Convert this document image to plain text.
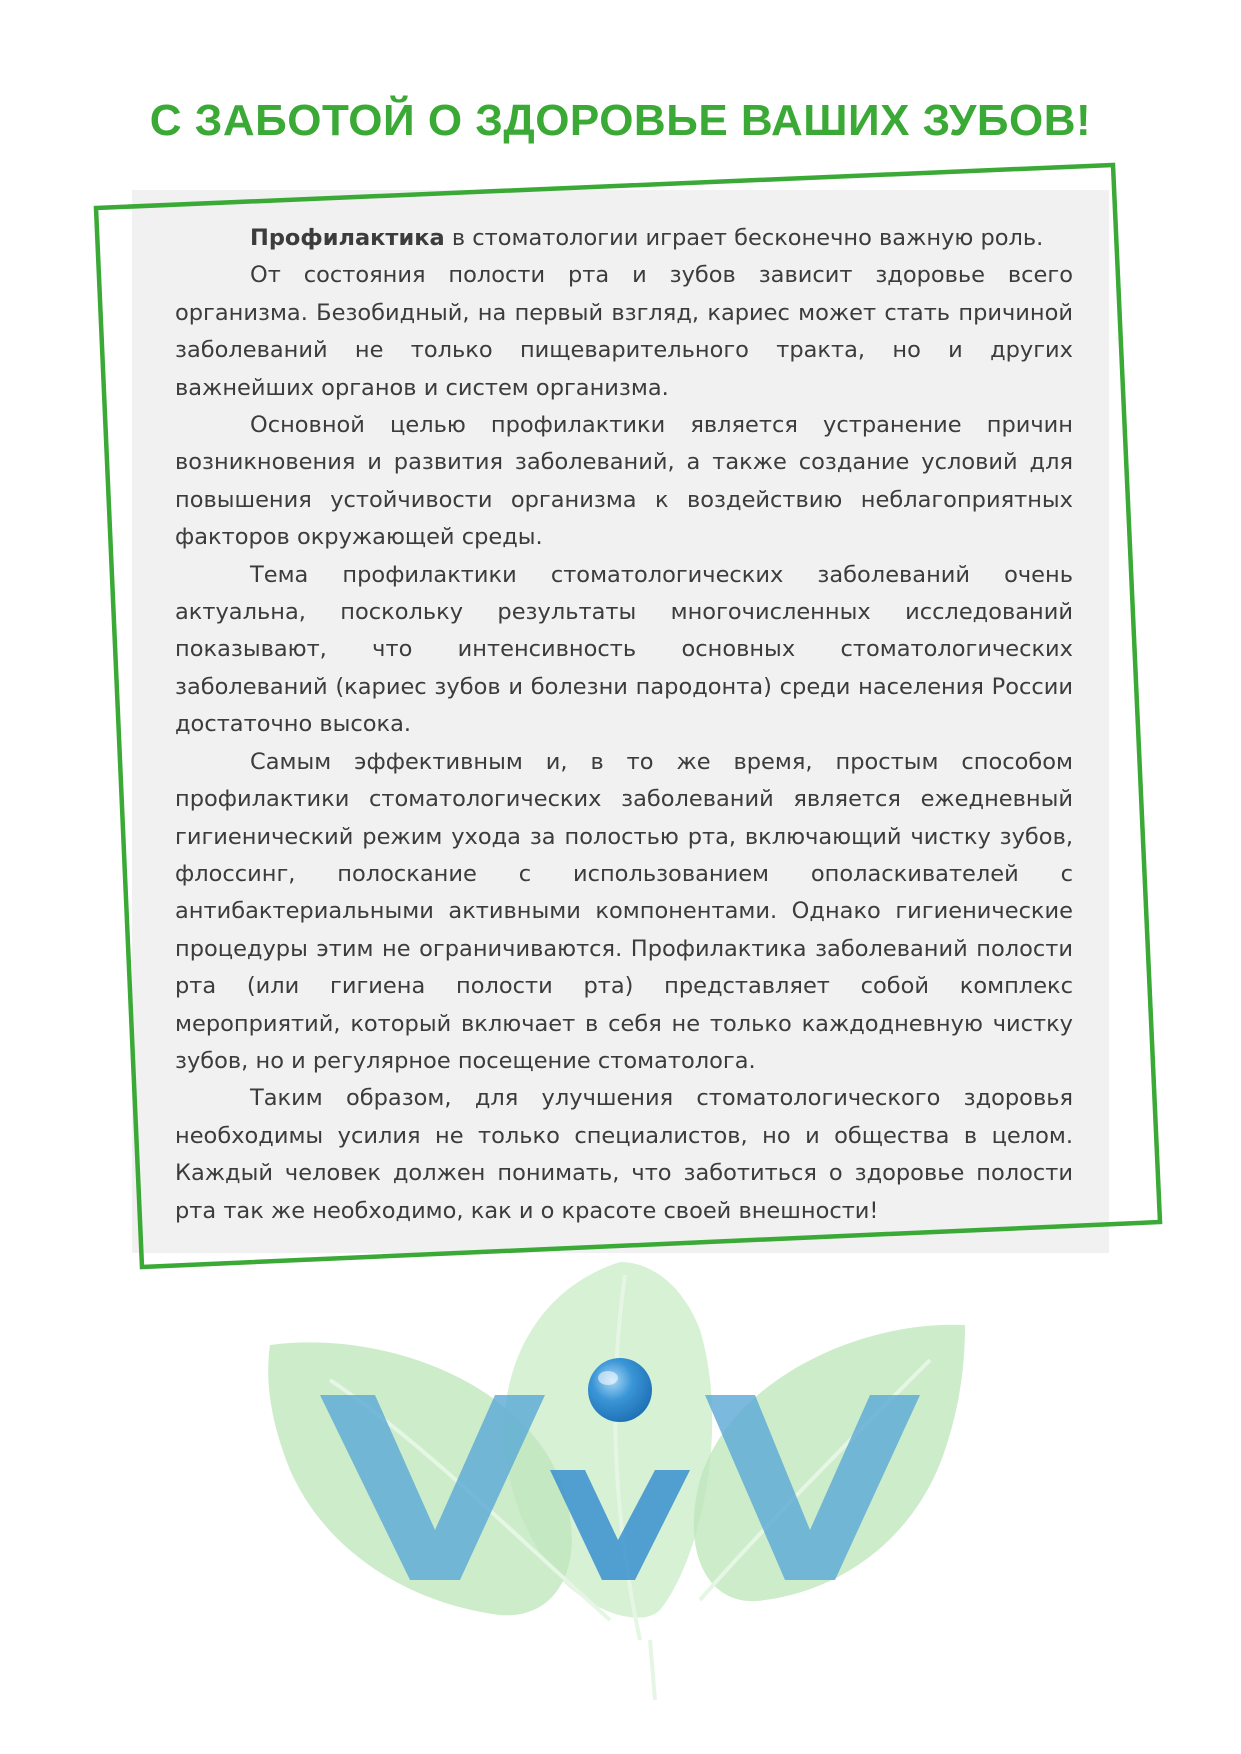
С ЗАБОТОЙ О ЗДОРОВЬЕ ВАШИХ ЗУБОВ!

Профилактика в стоматологии играет бесконечно важную роль.

От состояния полости рта и зубов зависит здоровье всего организма. Безобидный, на первый взгляд, кариес может стать причиной заболеваний не только пищеварительного тракта, но и других важнейших органов и систем организма.

Основной целью профилактики является устранение причин возникновения и развития заболеваний, а также создание условий для повышения устойчивости организма к воздействию неблагоприятных факторов окружающей среды.

Тема профилактики стоматологических заболеваний очень актуальна, поскольку результаты многочисленных исследований показывают, что интенсивность основных стоматологических заболеваний (кариес зубов и болезни пародонта) среди населения России достаточно высока.

Самым эффективным и, в то же время, простым способом профилактики стоматологических заболеваний является ежедневный гигиенический режим ухода за полостью рта, включающий чистку зубов, флоссинг, полоскание с использованием ополаскивателей с антибактериальными активными компонентами. Однако гигиенические процедуры этим не ограничиваются. Профилактика заболеваний полости рта (или гигиена полости рта) представляет собой комплекс мероприятий, который включает в себя не только каждодневную чистку зубов, но и регулярное посещение стоматолога.

Таким образом, для улучшения стоматологического здоровья необходимы усилия не только специалистов, но и общества в целом. Каждый человек должен понимать, что заботиться о здоровье полости рта так же необходимо, как и о красоте своей внешности!
